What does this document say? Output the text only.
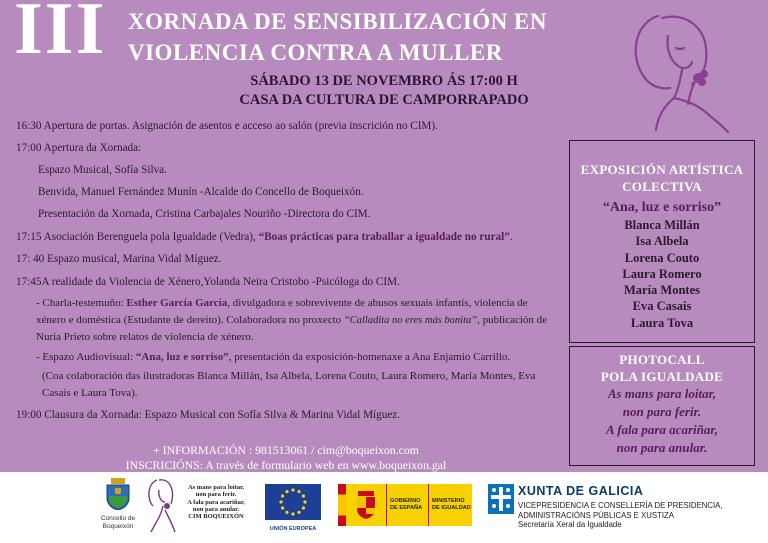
III XORNADA DE SENSIBILIZACIÓN EN
VIOLENCIA CONTRA A MULLER
SÁBADO 13 DE NOVEMBRO ÁS 17:00 H
CASA DA CULTURA DE CAMPORRAPADO
16:30 Apertura de portas. Asignación de asentos e acceso ao salón (previa inscrición no CIM).
17:00 Apertura da Xornada:
Espazo Musical, Sofía Silva.
Benvida, Manuel Fernández Munín -Alcalde do Concello de Boqueixón.
Presentación da Xornada, Cristina Carbajales Nouriño -Directora do CIM.
17:15 Asociación Berenguela pola Igualdade (Vedra), “Boas prácticas para traballar a igualdade no rural”.
17: 40 Espazo musical, Marina Vidal Míguez.
17:45A realidade da Violencia de Xénero,Yolanda Neira Cristobo -Psicóloga do CIM.
- Charla-testemuño: Esther García García, divulgadora e sobrevivente de abusos sexuais infantís, violencia de xénero e doméstica (Estudante de dereito). Colaboradora no proxecto “Calladita no eres más bonita”, publicación de Nuria Prieto sobre relatos de violencia de xénero.
- Espazo Audiovisual: “Ana, luz e sorriso”, presentación da exposición-homenaxe a Ana Enjamio Carrillo.
(Coa colaboración das ilustradoras Blanca Millán, Isa Albela, Lorena Couto, Laura Romero, María Montes, Eva Casais e Laura Tova).
19:00 Clausura da Xornada: Espazo Musical con Sofía Silva & Marina Vidal Míguez.
EXPOSICIÓN ARTÍSTICA
COLECTIVA
“Ana, luz e sorriso”
Blanca Millán
Isa Albela
Lorena Couto
Laura Romero
María Montes
Eva Casais
Laura Tova
PHOTOCALL
POLA IGUALDADE
As mans para loitar,
non para ferir.
A fala para acariñar,
non para anular.
+ INFORMACIÓN : 981513061 / cim@boqueixon.com
INSCRICIÓNS: A través de formulario web en www.boqueixon.gal
Concello de
Boqueixón
As mans para loitar,
non para ferir.
A fala para acariñar,
non para anular.
CIM BOQUEIXÓN
UNIÓN EUROPEA
GOBIERNO
DE ESPAÑA
MINISTERIO
DE IGUALDAD
XUNTA DE GALICIA
VICEPRESIDENCIA E CONSELLERÍA DE PRESIDENCIA,
ADMINISTRACIÓNS PÚBLICAS E XUSTIZA
Secretaría Xeral da Igualdade
